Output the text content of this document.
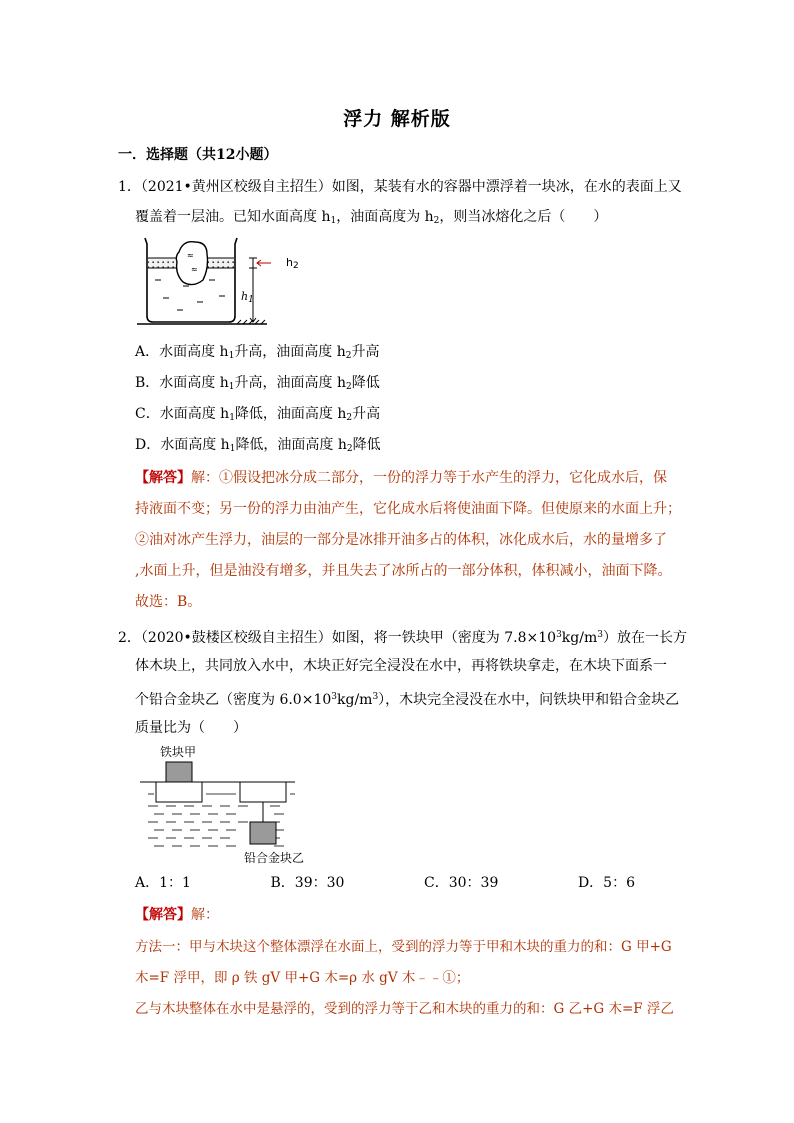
浮力 解析版
一．选择题（共12小题）
1．（2021•黄州区校级自主招生）如图，某装有水的容器中漂浮着一块冰，在水的表面上又
覆盖着一层油。已知水面高度 $h_1$，油面高度为 $h_2$，则当冰熔化之后（　　）
≈
≈
$h_2$
$h_1$
A．水面高度 $h_1$升高，油面高度 $h_2$升高
B．水面高度 $h_1$升高，油面高度 $h_2$降低
C．水面高度 $h_1$降低，油面高度 $h_2$升高
D．水面高度 $h_1$降低，油面高度 $h_2$降低
【解答】解：①假设把冰分成二部分，一份的浮力等于水产生的浮力，它化成水后，保
持液面不变；另一份的浮力由油产生，它化成水后将使油面下降。但使原来的水面上升；
②油对冰产生浮力，油层的一部分是冰排开油多占的体积，冰化成水后，水的量增多了
,水面上升，但是油没有增多，并且失去了冰所占的一部分体积，体积减小，油面下降。
故选：B。
2．（2020•鼓楼区校级自主招生）如图，将一铁块甲（密度为 $7.8\times 10^3kg/m^3$）放在一长方
体木块上，共同放入水中，木块正好完全浸没在水中，再将铁块拿走，在木块下面系一
个铅合金块乙（密度为 $6.0\times 10^3kg/m^3$），木块完全浸没在水中，问铁块甲和铅合金块乙
质量比为（　　）
铁块甲
铅合金块乙
A．1：1	B．39：30	C．30：39	D．5：6
【解答】解：
方法一：甲与木块这个整体漂浮在水面上，受到的浮力等于甲和木块的重力的和：G 甲+G
木=F 浮甲，即 ρ 铁 gV 甲+G 木=ρ 水 gV 木﹣﹣①；
乙与木块整体在水中是悬浮的，受到的浮力等于乙和木块的重力的和：G 乙+G 木=F 浮乙
